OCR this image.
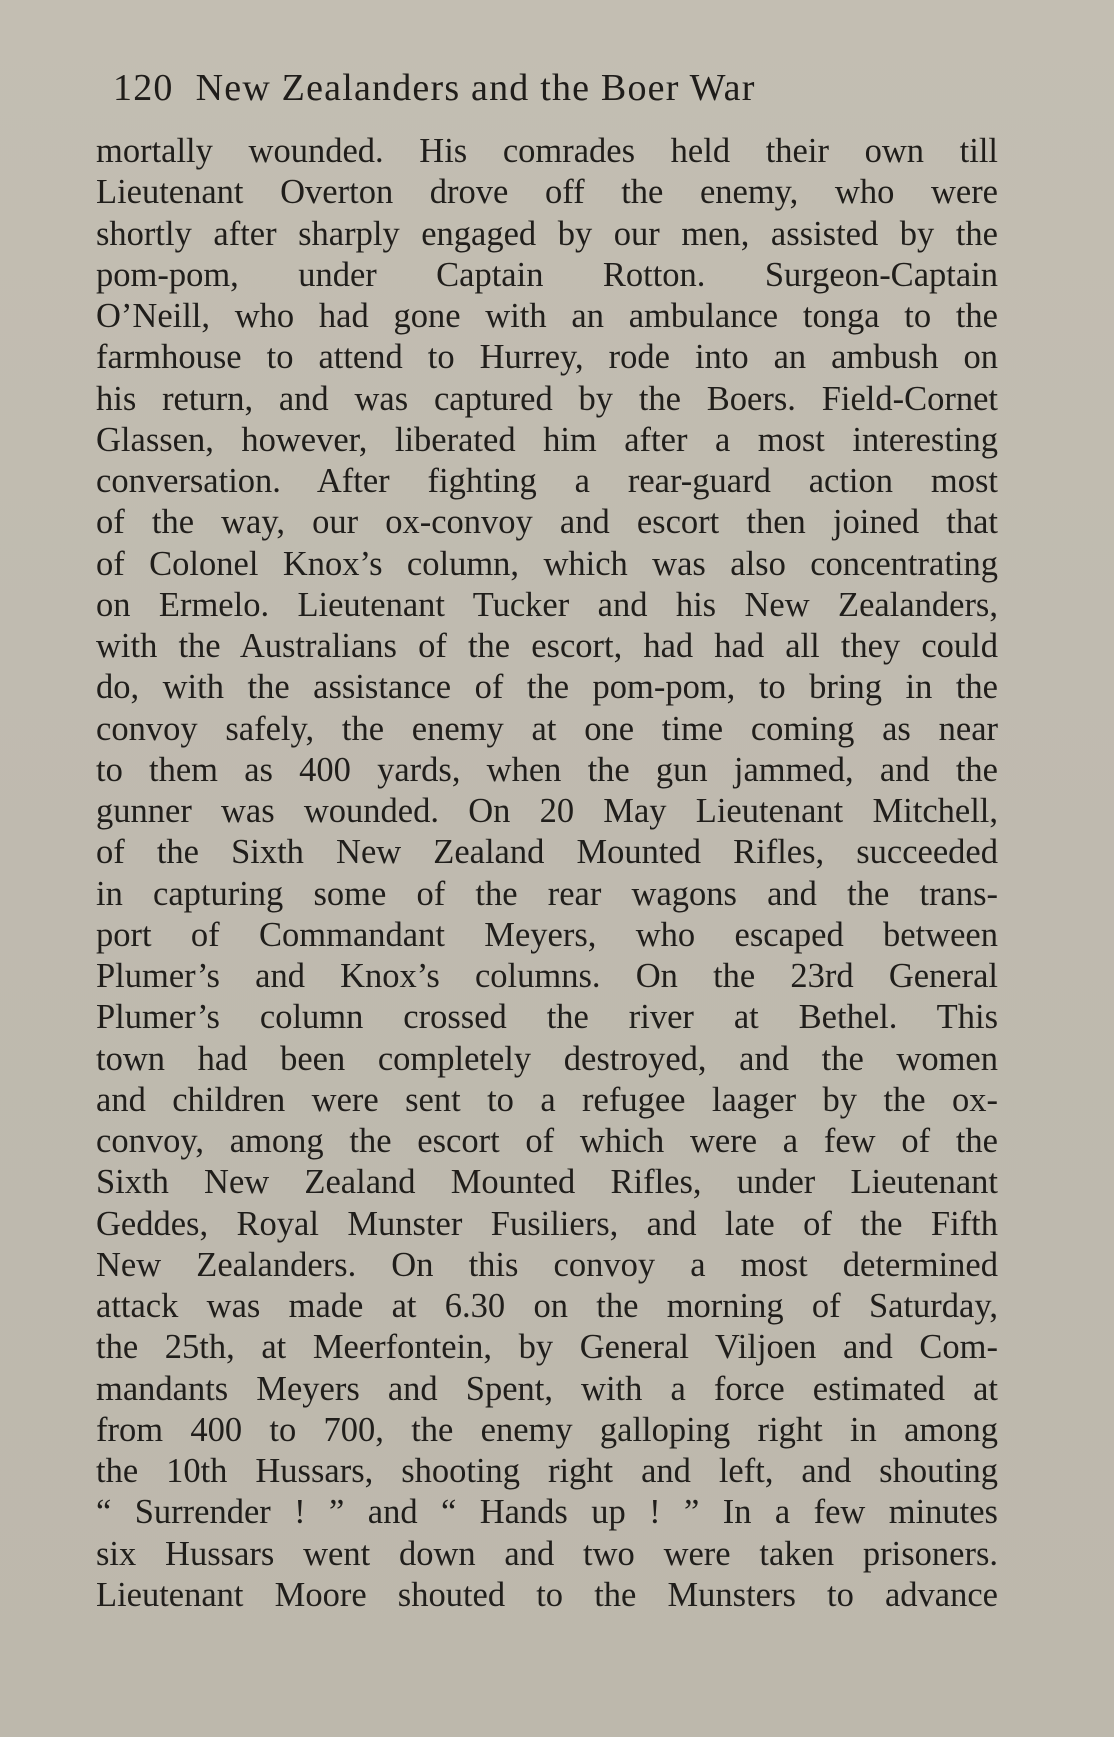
120 New Zealanders and the Boer War
mortally wounded. His comrades held their own till
Lieutenant Overton drove off the enemy, who were
shortly after sharply engaged by our men, assisted by the
pom-pom, under Captain Rotton. Surgeon-Captain
O’Neill, who had gone with an ambulance tonga to the
farmhouse to attend to Hurrey, rode into an ambush on
his return, and was captured by the Boers. Field-Cornet
Glassen, however, liberated him after a most interesting
conversation. After fighting a rear-guard action most
of the way, our ox-convoy and escort then joined that
of Colonel Knox’s column, which was also concentrating
on Ermelo. Lieutenant Tucker and his New Zealanders,
with the Australians of the escort, had had all they could
do, with the assistance of the pom-pom, to bring in the
convoy safely, the enemy at one time coming as near
to them as 400 yards, when the gun jammed, and the
gunner was wounded. On 20 May Lieutenant Mitchell,
of the Sixth New Zealand Mounted Rifles, succeeded
in capturing some of the rear wagons and the trans-
port of Commandant Meyers, who escaped between
Plumer’s and Knox’s columns. On the 23rd General
Plumer’s column crossed the river at Bethel. This
town had been completely destroyed, and the women
and children were sent to a refugee laager by the ox-
convoy, among the escort of which were a few of the
Sixth New Zealand Mounted Rifles, under Lieutenant
Geddes, Royal Munster Fusiliers, and late of the Fifth
New Zealanders. On this convoy a most determined
attack was made at 6.30 on the morning of Saturday,
the 25th, at Meerfontein, by General Viljoen and Com-
mandants Meyers and Spent, with a force estimated at
from 400 to 700, the enemy galloping right in among
the 10th Hussars, shooting right and left, and shouting
“ Surrender ! ” and “ Hands up ! ” In a few minutes
six Hussars went down and two were taken prisoners.
Lieutenant Moore shouted to the Munsters to advance
